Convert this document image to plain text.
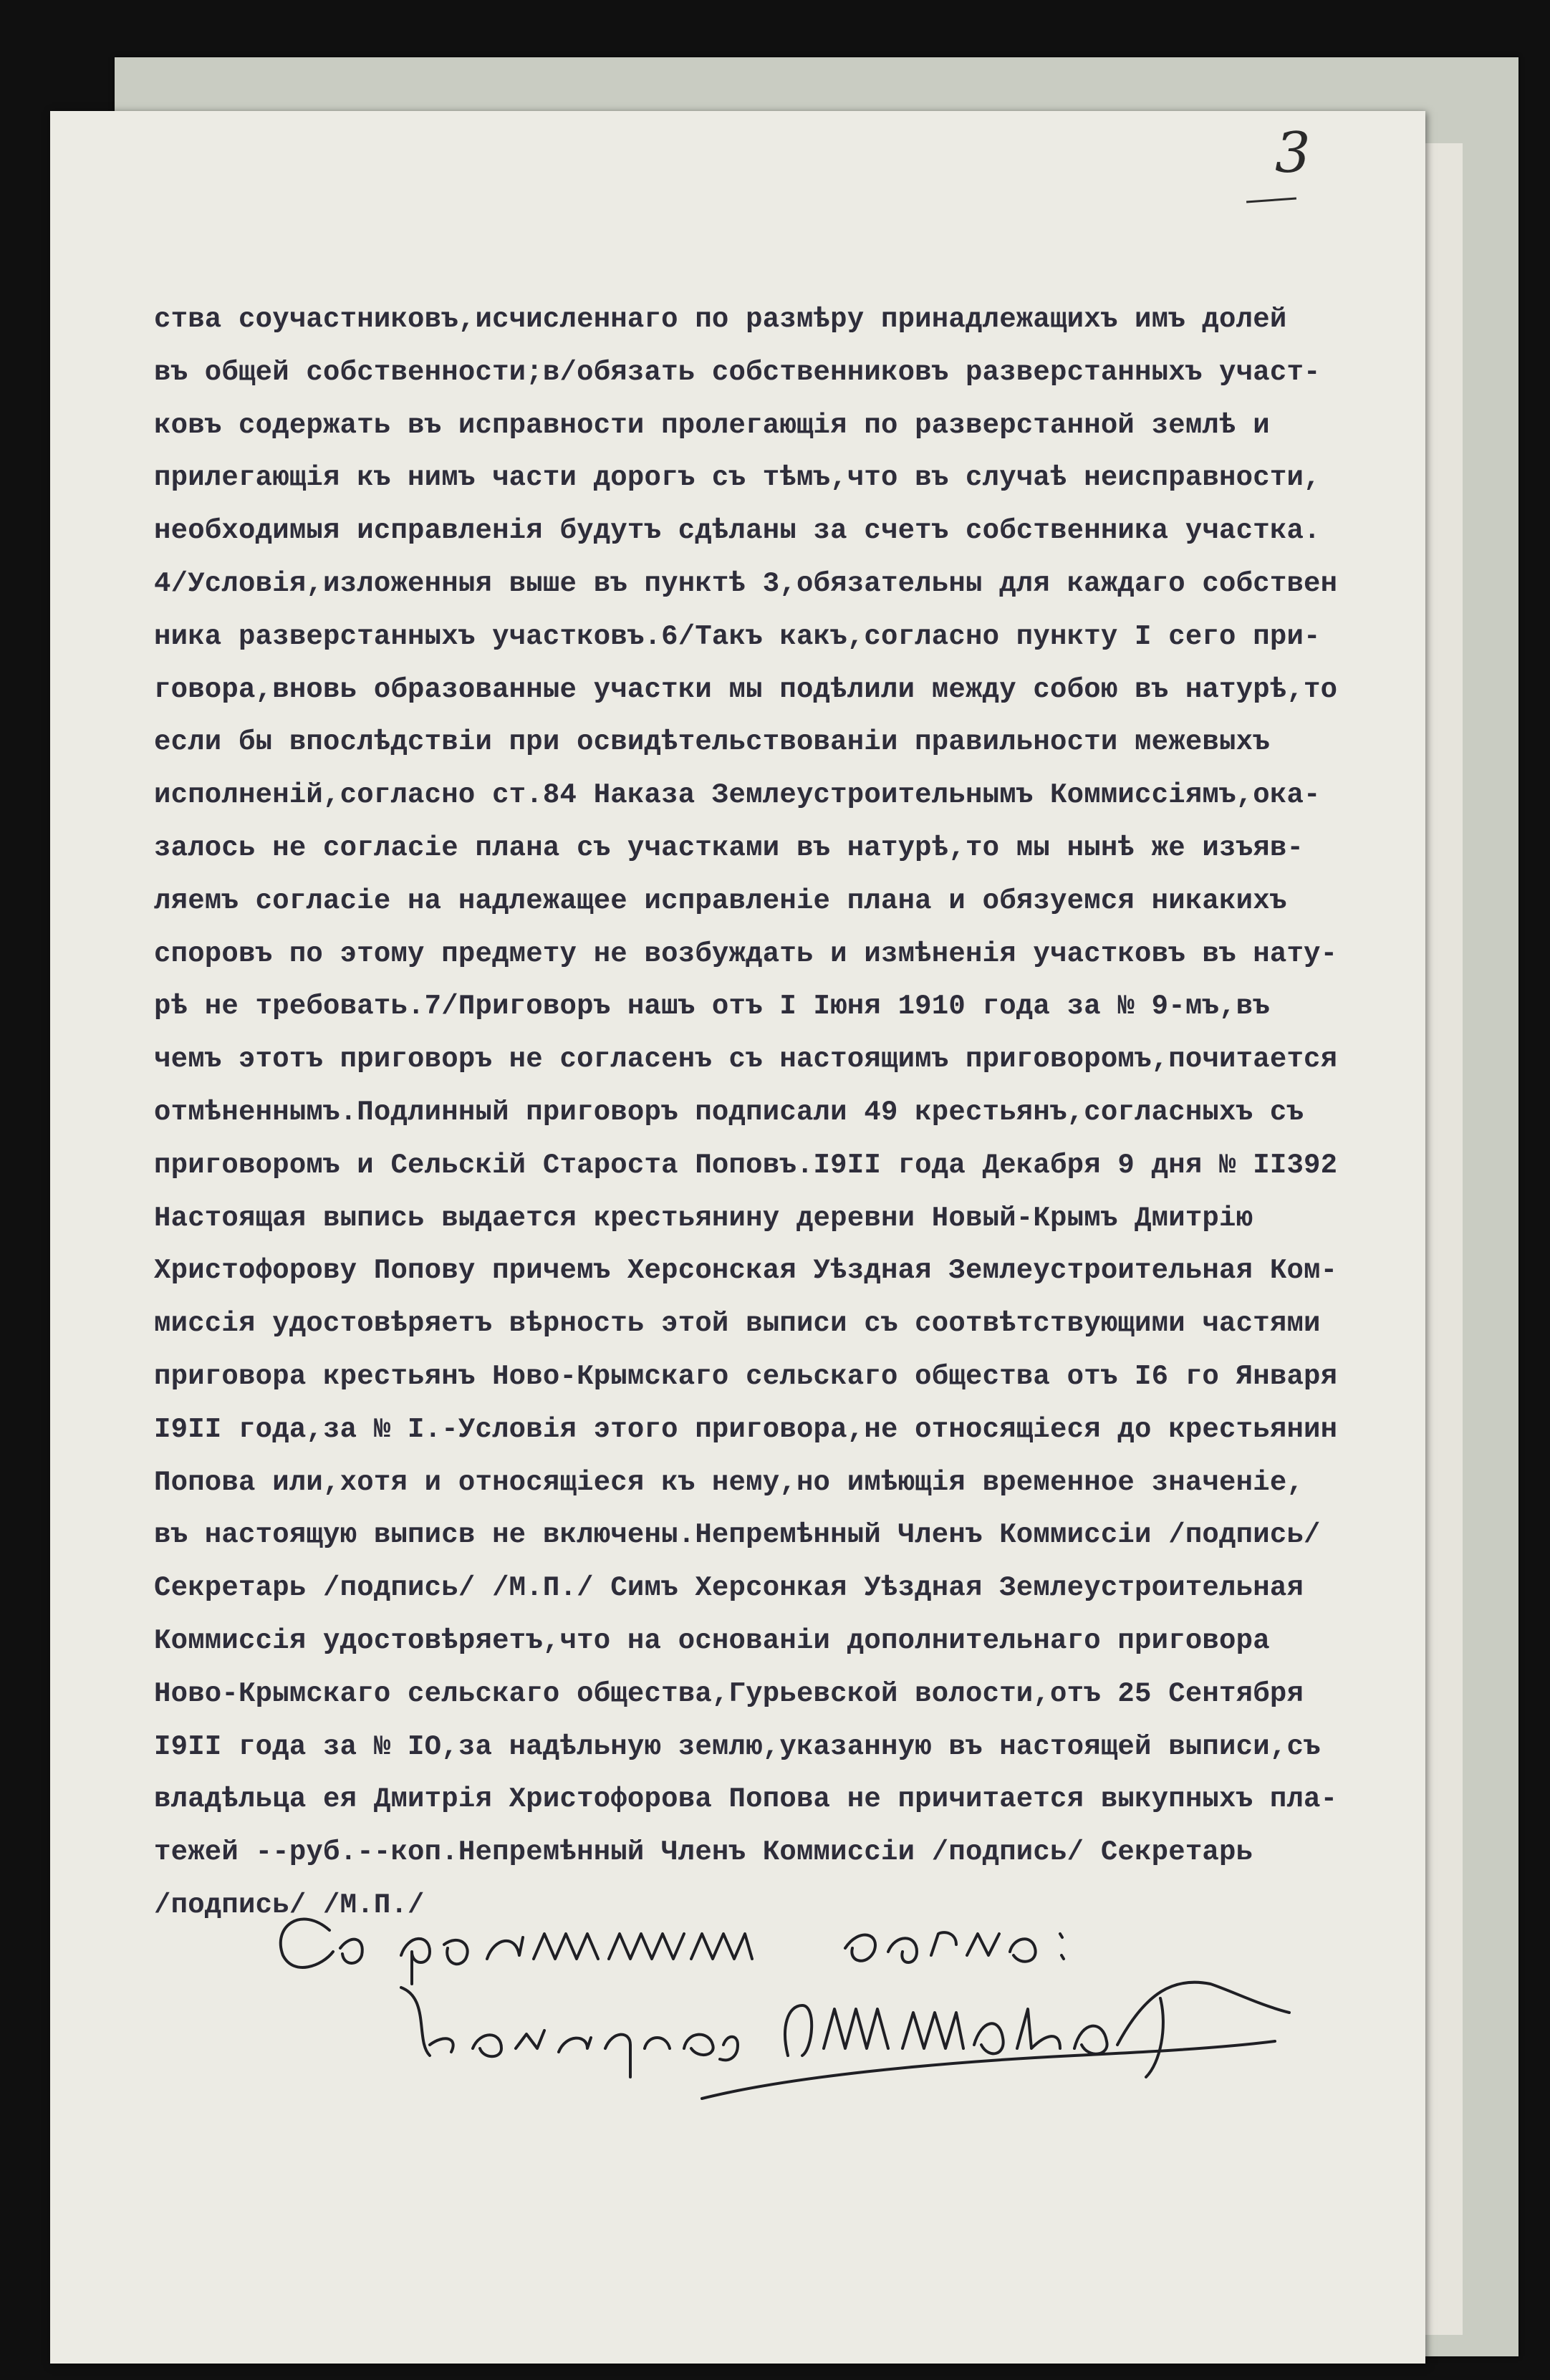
3
ства соучастниковъ,исчисленнаго по размѣру принадлежащихъ имъ долей
въ общей собственности;в/обязать собственниковъ разверстанныхъ участ-
ковъ содержать въ исправности пролегающія по разверстанной землѣ и
прилегающія къ нимъ части дорогъ съ тѣмъ,что въ случаѣ неисправности,
необходимыя исправленія будутъ сдѣланы за счетъ собственника участка.
4/Условія,изложенныя выше въ пунктѣ 3,обязательны для каждаго собствен
ника разверстанныхъ участковъ.6/Такъ какъ,согласно пункту I сего при-
говора,вновь образованные участки мы подѣлили между собою въ натурѣ,то
если бы впослѣдствіи при освидѣтельствованіи правильности межевыхъ
исполненій,согласно ст.84 Наказа Землеустроительнымъ Коммиссіямъ,ока-
залось не согласіе плана съ участками въ натурѣ,то мы нынѣ же изъяв-
ляемъ согласіе на надлежащее исправленіе плана и обязуемся никакихъ
споровъ по этому предмету не возбуждать и измѣненія участковъ въ нату-
рѣ не требовать.7/Приговоръ нашъ отъ I Іюня 1910 года за № 9-мъ,въ
чемъ этотъ приговоръ не согласенъ съ настоящимъ приговоромъ,почитается
отмѣненнымъ.Подлинный приговоръ подписали 49 крестьянъ,согласныхъ съ
приговоромъ и Сельскій Староста Поповъ.I9II года Декабря 9 дня № II392
Настоящая выпись выдается крестьянину деревни Новый-Крымъ Дмитрію
Христофорову Попову причемъ Херсонская Уѣздная Землеустроительная Ком-
миссія удостовѣряетъ вѣрность этой выписи съ соотвѣтствующими частями
приговора крестьянъ Ново-Крымскаго сельскаго общества отъ I6 го Января
I9II года,за № I.-Условія этого приговора,не относящіеся до крестьянин
Попова или,хотя и относящіеся къ нему,но имѣющія временное значеніе,
въ настоящую выписв не включены.Непремѣнный Членъ Коммиссіи /подпись/
Секретарь /подпись/ /М.П./ Симъ Херсонкая Уѣздная Землеустроительная
Коммиссія удостовѣряетъ,что на основаніи дополнительнаго приговора
Ново-Крымскаго сельскаго общества,Гурьевской волости,отъ 25 Сентября
I9II года за № IО,за надѣльную землю,указанную въ настоящей выписи,съ
владѣльца ея Дмитрія Христофорова Попова не причитается выкупныхъ пла-
тежей --руб.--коп.Непремѣнный Членъ Коммиссіи /подпись/ Секретарь
/подпись/ /М.П./
